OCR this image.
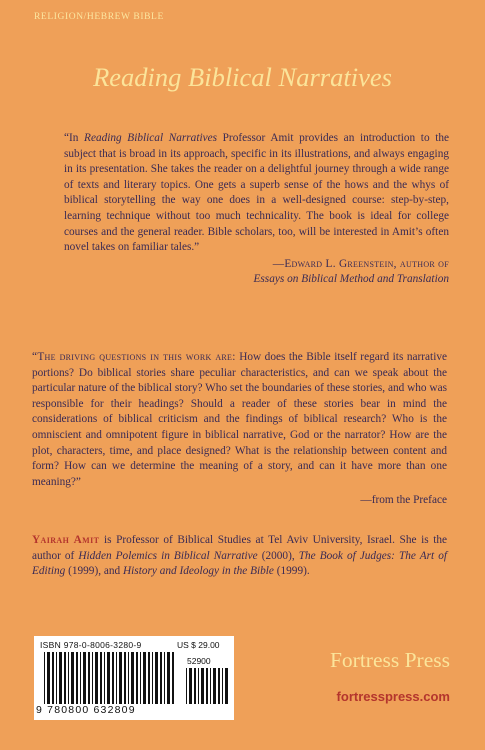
RELIGION/HEBREW BIBLE
Reading Biblical Narratives
“In Reading Biblical Narratives Professor Amit provides an introduction to the subject that is broad in its approach, specific in its illustrations, and always engaging in its presentation. She takes the reader on a delightful journey through a wide range of texts and literary topics. One gets a superb sense of the hows and the whys of biblical storytelling the way one does in a well-designed course: step-by-step, learning technique without too much technicality. The book is ideal for college courses and the general reader. Bible scholars, too, will be interested in Amit’s often novel takes on familiar tales.”
—Edward L. Greenstein, author of
Essays on Biblical Method and Translation
“The driving questions in this work are: How does the Bible itself regard its narrative portions? Do biblical stories share peculiar characteristics, and can we speak about the particular nature of the biblical story? Who set the boundaries of these stories, and who was responsible for their headings? Should a reader of these stories bear in mind the considerations of biblical criticism and the findings of biblical research? Who is the omniscient and omnipotent figure in biblical narrative, God or the narrator? How are the plot, characters, time, and place designed? What is the relationship between content and form? How can we determine the meaning of a story, and can it have more than one meaning?”
—from the Preface
Yairah Amit is Professor of Biblical Studies at Tel Aviv University, Israel. She is the author of Hidden Polemics in Biblical Narrative (2000), The Book of Judges: The Art of Editing (1999), and History and Ideology in the Bible (1999).
ISBN 978-0-8006-3280-9	US $ 29.00
52900
9 780800 632809
Fortress Press
fortresspress.com
